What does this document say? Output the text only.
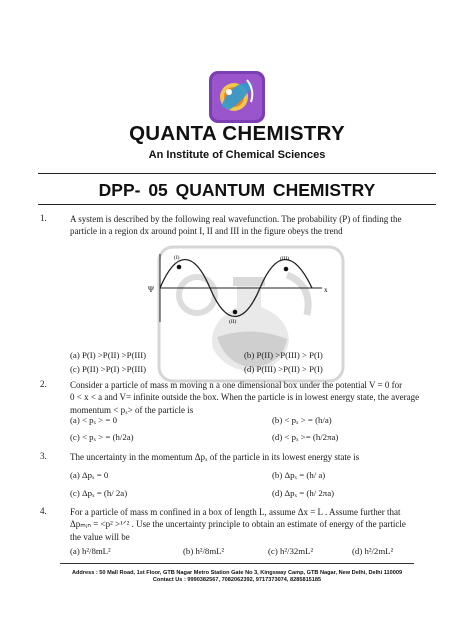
QUANTA CHEMISTRY
An Institute of Chemical Sciences
DPP- 05 QUANTUM CHEMISTRY
Ψ	x
(I)
(II)
(III)
1.	A system is described by the following real wavefunction. The probability (P) of finding the
particle in a region dx around point I, II and III in the figure obeys the trend
(a) P(I) >P(II) >P(III)	(b) P(II) >P(III) > P(I)
(c) P(II) >P(I) >P(III)	(d) P(III) >P(II) > P(I)
2.	Consider a particle of mass m moving n a one dimensional box under the potential V = 0 for
0 < x < a and V= infinite outside the box. When the particle is in lowest energy state, the average
momentum < pₓ> of the particle is
(a) < pₓ > = 0	(b) < pₓ > = (h/a)
(c) < pₓ > = (h/2a)	(d) < pₓ >= (h/2πa)
3.	The uncertainty in the momentum Δpₓ of the particle in its lowest energy state is
(a) Δpₓ = 0	(b) Δpₓ = (h/ a)
(c) Δpₓ = (h/ 2a)	(d) Δpₓ = (h/ 2πa)
4.	For a particle of mass m confined in a box of length L, assume Δx = L . Assume further that
Δpₘᵢₙ = <p² >¹ᐟ² . Use the uncertainty principle to obtain an estimate of energy of the particle
the value will be
(a) h²/8mL²	(b) h²/8mL²	(c) h²/32mL²	(d) h²/2mL²
Address : 50 Mall Road, 1st Floor, GTB Nagar Metro Station Gate No 3, Kingsway Camp, GTB Nagar, New Delhi, Delhi 110009
Contact Us : 9990382567, 7082062392, 9717373074, 8285815185
